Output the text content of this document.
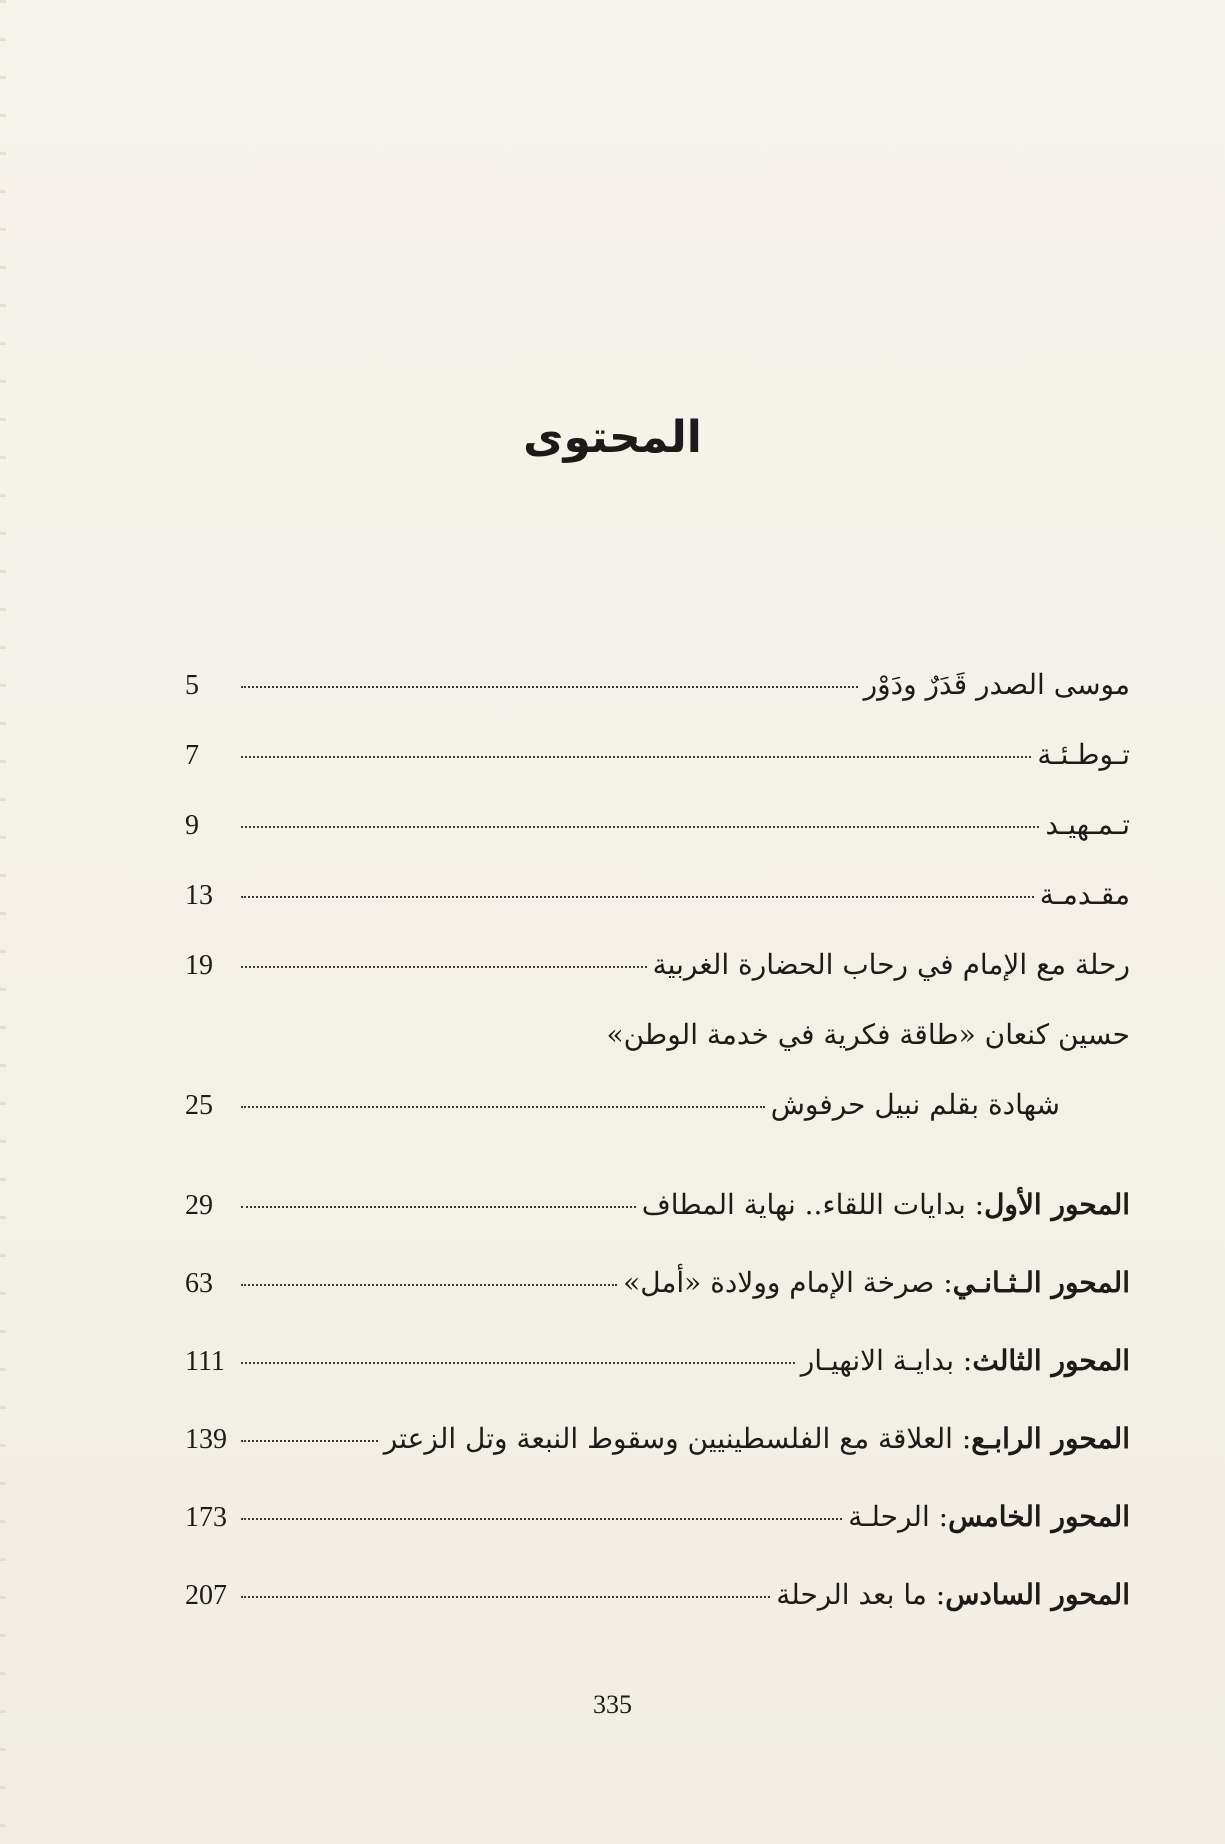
المحتوى
موسى الصدر قَدَرٌ ودَوْر
5
تـوطـئـة
7
تـمـهيـد
9
مقـدمـة
13
رحلة مع الإمام في رحاب الحضارة الغربية
19
حسين كنعان «طاقة فكرية في خدمة الوطن»
شهادة بقلم نبيل حرفوش
25
المحور الأول: بدايات اللقاء.. نهاية المطاف
29
المحور الـثـانـي: صرخة الإمام وولادة «أمل»
63
المحور الثالث: بدايـة الانهيـار
111
المحور الرابـع: العلاقة مع الفلسطينيين وسقوط النبعة وتل الزعتر
139
المحور الخامس: الرحلـة
173
المحور السادس: ما بعد الرحلة
207
335
